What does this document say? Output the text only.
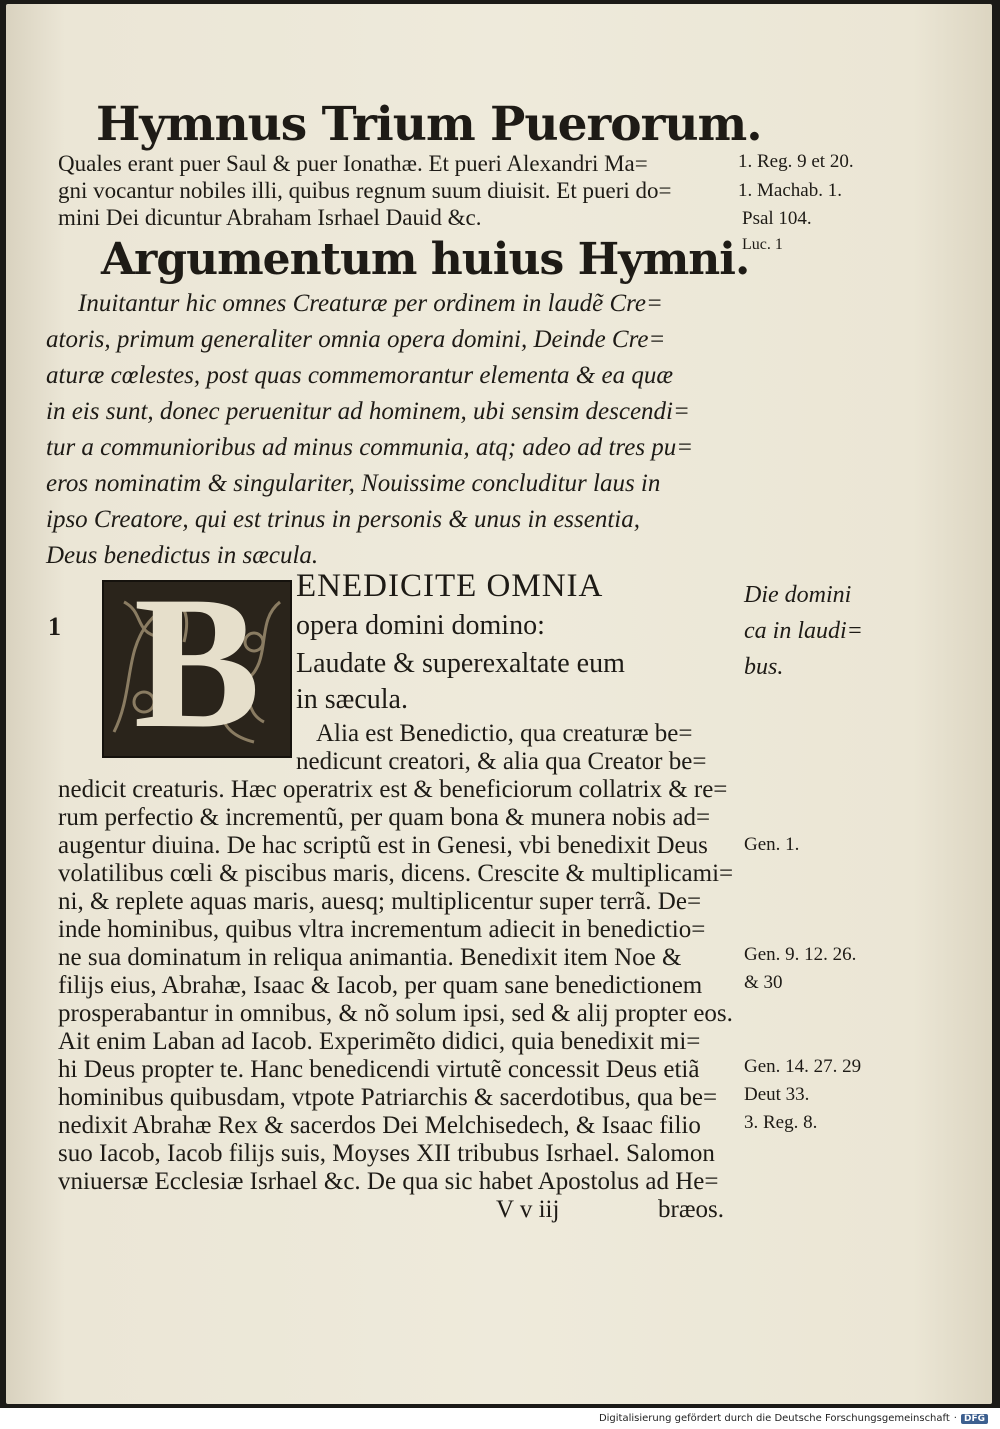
Hymnus Trium Puerorum.
Quales erant puer Saul & puer Ionathæ. Et pueri Alexandri Ma=
gni vocantur nobiles illi, quibus regnum suum diuisit. Et pueri do=
mini Dei dicuntur Abraham Isrhael Dauid &c.
Argumentum huius Hymni.
Inuitantur hic omnes Creaturæ per ordinem in laudẽ Cre=
atoris, primum generaliter omnia opera domini, Deinde Cre=
aturæ cœlestes, post quas commemorantur elementa & ea quæ
in eis sunt, donec peruenitur ad hominem, ubi sensim descendi=
tur a communioribus ad minus communia, atq; adeo ad tres pu=
eros nominatim & singulariter, Nouissime concluditur laus in
ipso Creatore, qui est trinus in personis & unus in essentia,
Deus benedictus in sæcula.
B
1
ENEDICITE OMNIA
opera domini domino:
Laudate & superexaltate eum
in sæcula.
Alia est Benedictio, qua creaturæ be=
nedicunt creatori, & alia qua Creator be=
nedicit creaturis. Hæc operatrix est & beneficiorum collatrix & re=
rum perfectio & incrementũ, per quam bona & munera nobis ad=
augentur diuina. De hac scriptũ est in Genesi, vbi benedixit Deus
volatilibus cœli & piscibus maris, dicens. Crescite & multiplicami=
ni, & replete aquas maris, auesq; multiplicentur super terrã. De=
inde hominibus, quibus vltra incrementum adiecit in benedictio=
ne sua dominatum in reliqua animantia. Benedixit item Noe &
filijs eius, Abrahæ, Isaac & Iacob, per quam sane benedictionem
prosperabantur in omnibus, & nõ solum ipsi, sed & alij propter eos.
Ait enim Laban ad Iacob. Experimẽto didici, quia benedixit mi=
hi Deus propter te. Hanc benedicendi virtutẽ concessit Deus etiã
hominibus quibusdam, vtpote Patriarchis & sacerdotibus, qua be=
nedixit Abrahæ Rex & sacerdos Dei Melchisedech, & Isaac filio
suo Iacob, Iacob filijs suis, Moyses XII tribubus Isrhael. Salomon
vniuersæ Ecclesiæ Isrhael &c. De qua sic habet Apostolus ad He=
V v iij	bræos.
1. Reg. 9 et 20.
1. Machab. 1.
Psal 104.
Luc. 1
Die domini
ca in laudi=
bus.
Gen. 1.
Gen. 9. 12. 26.
& 30
Gen. 14. 27. 29
Deut 33.
3. Reg. 8.
Digitalisierung gefördert durch die Deutsche Forschungsgemeinschaft · DFG
